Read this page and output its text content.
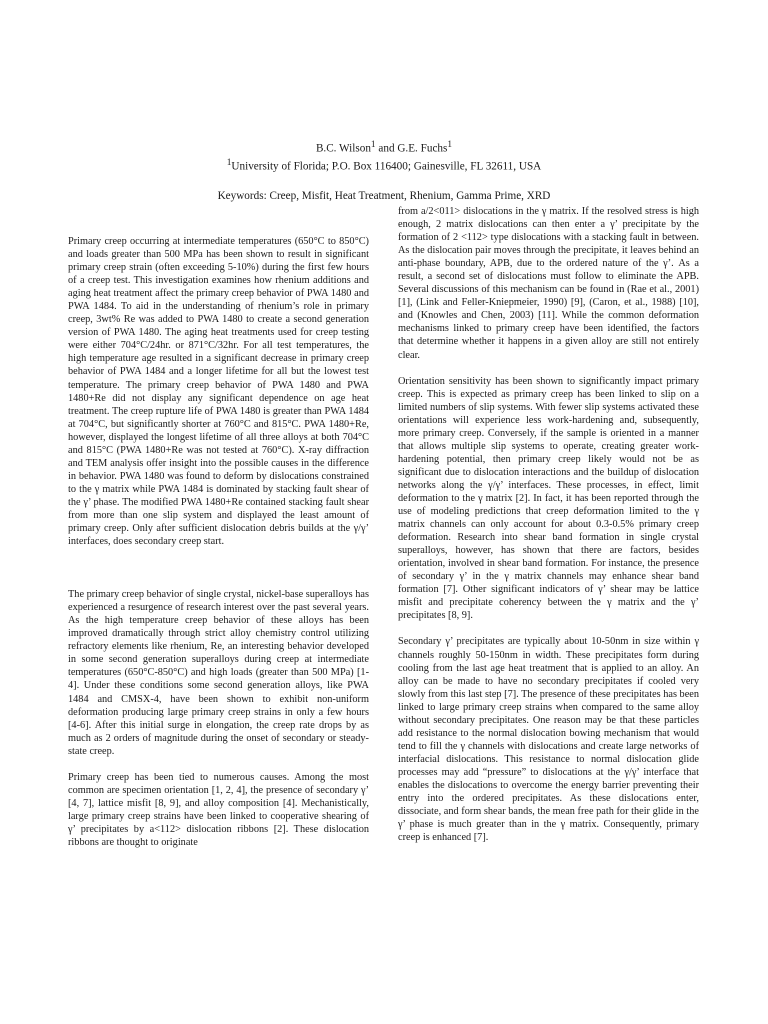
B.C. Wilson$^1$ and G.E. Fuchs$^1$

$^1$University of Florida; P.O. Box 116400; Gainesville, FL 32611, USA

Keywords: Creep, Misfit, Heat Treatment, Rhenium, Gamma Prime, XRD

Primary creep occurring at intermediate temperatures (650°C to 850°C) and loads greater than 500 MPa has been shown to result in significant primary creep strain (often exceeding 5-10%) during the first few hours of a creep test. This investigation examines how rhenium additions and aging heat treatment affect the primary creep behavior of PWA 1480 and PWA 1484. To aid in the understanding of rhenium’s role in primary creep, 3wt% Re was added to PWA 1480 to create a second generation version of PWA 1480. The aging heat treatments used for creep testing were either 704°C/24hr. or 871°C/32hr. For all test temperatures, the high temperature age resulted in a significant decrease in primary creep behavior of PWA 1484 and a longer lifetime for all but the lowest test temperature. The primary creep behavior of PWA 1480 and PWA 1480+Re did not display any significant dependence on age heat treatment. The creep rupture life of PWA 1480 is greater than PWA 1484 at 704°C, but significantly shorter at 760°C and 815°C. PWA 1480+Re, however, displayed the longest lifetime of all three alloys at both 704°C and 815°C (PWA 1480+Re was not tested at 760°C). X-ray diffraction and TEM analysis offer insight into the possible causes in the difference in behavior. PWA 1480 was found to deform by dislocations constrained to the γ matrix while PWA 1484 is dominated by stacking fault shear of the γ’ phase. The modified PWA 1480+Re contained stacking fault shear from more than one slip system and displayed the least amount of primary creep. Only after sufficient dislocation debris builds at the γ/γ’ interfaces, does secondary creep start.

The primary creep behavior of single crystal, nickel-base superalloys has experienced a resurgence of research interest over the past several years. As the high temperature creep behavior of these alloys has been improved dramatically through strict alloy chemistry control utilizing refractory elements like rhenium, Re, an interesting behavior developed in some second generation superalloys during creep at intermediate temperatures (650°C-850°C) and high loads (greater than 500 MPa) [1-4]. Under these conditions some second generation alloys, like PWA 1484 and CMSX-4, have been shown to exhibit non-uniform deformation producing large primary creep strains in only a few hours [4-6]. After this initial surge in elongation, the creep rate drops by as much as 2 orders of magnitude during the onset of secondary or steady-state creep.

Primary creep has been tied to numerous causes. Among the most common are specimen orientation [1, 2, 4], the presence of secondary γ’ [4, 7], lattice misfit [8, 9], and alloy composition [4]. Mechanistically, large primary creep strains have been linked to cooperative shearing of γ’ precipitates by a<112> dislocation ribbons [2]. These dislocation ribbons are thought to originate

from a/2<011> dislocations in the γ matrix. If the resolved stress is high enough, 2 matrix dislocations can then enter a γ’ precipitate by the formation of 2 <112> type dislocations with a stacking fault in between. As the dislocation pair moves through the precipitate, it leaves behind an anti-phase boundary, APB, due to the ordered nature of the γ’. As a result, a second set of dislocations must follow to eliminate the APB. Several discussions of this mechanism can be found in (Rae et al., 2001) [1], (Link and Feller-Kniepmeier, 1990) [9], (Caron, et al., 1988) [10], and (Knowles and Chen, 2003) [11]. While the common deformation mechanisms linked to primary creep have been identified, the factors that determine whether it happens in a given alloy are still not entirely clear.

Orientation sensitivity has been shown to significantly impact primary creep. This is expected as primary creep has been linked to slip on a limited numbers of slip systems. With fewer slip systems activated these orientations will experience less work-hardening and, subsequently, more primary creep. Conversely, if the sample is oriented in a manner that allows multiple slip systems to operate, creating greater work-hardening potential, then primary creep likely would not be as significant due to dislocation interactions and the buildup of dislocation networks along the γ/γ’ interfaces. These processes, in effect, limit deformation to the γ matrix [2]. In fact, it has been reported through the use of modeling predictions that creep deformation limited to the γ matrix channels can only account for about 0.3-0.5% primary creep deformation. Research into shear band formation in single crystal superalloys, however, has shown that there are factors, besides orientation, involved in shear band formation. For instance, the presence of secondary γ’ in the γ matrix channels may enhance shear band formation [7]. Other significant indicators of γ’ shear may be lattice misfit and precipitate coherency between the γ matrix and the γ’ precipitates [8, 9].

Secondary γ’ precipitates are typically about 10-50nm in size within γ channels roughly 50-150nm in width. These precipitates form during cooling from the last age heat treatment that is applied to an alloy. An alloy can be made to have no secondary precipitates if cooled very slowly from this last step [7]. The presence of these precipitates has been linked to large primary creep strains when compared to the same alloy without secondary precipitates. One reason may be that these particles add resistance to the normal dislocation bowing mechanism that would tend to fill the γ channels with dislocations and create large networks of interfacial dislocations. This resistance to normal dislocation glide processes may add “pressure” to dislocations at the γ/γ’ interface that enables the dislocations to overcome the energy barrier preventing their entry into the ordered precipitates. As these dislocations enter, dissociate, and form shear bands, the mean free path for their glide in the γ’ phase is much greater than in the γ matrix. Consequently, primary creep is enhanced [7].
